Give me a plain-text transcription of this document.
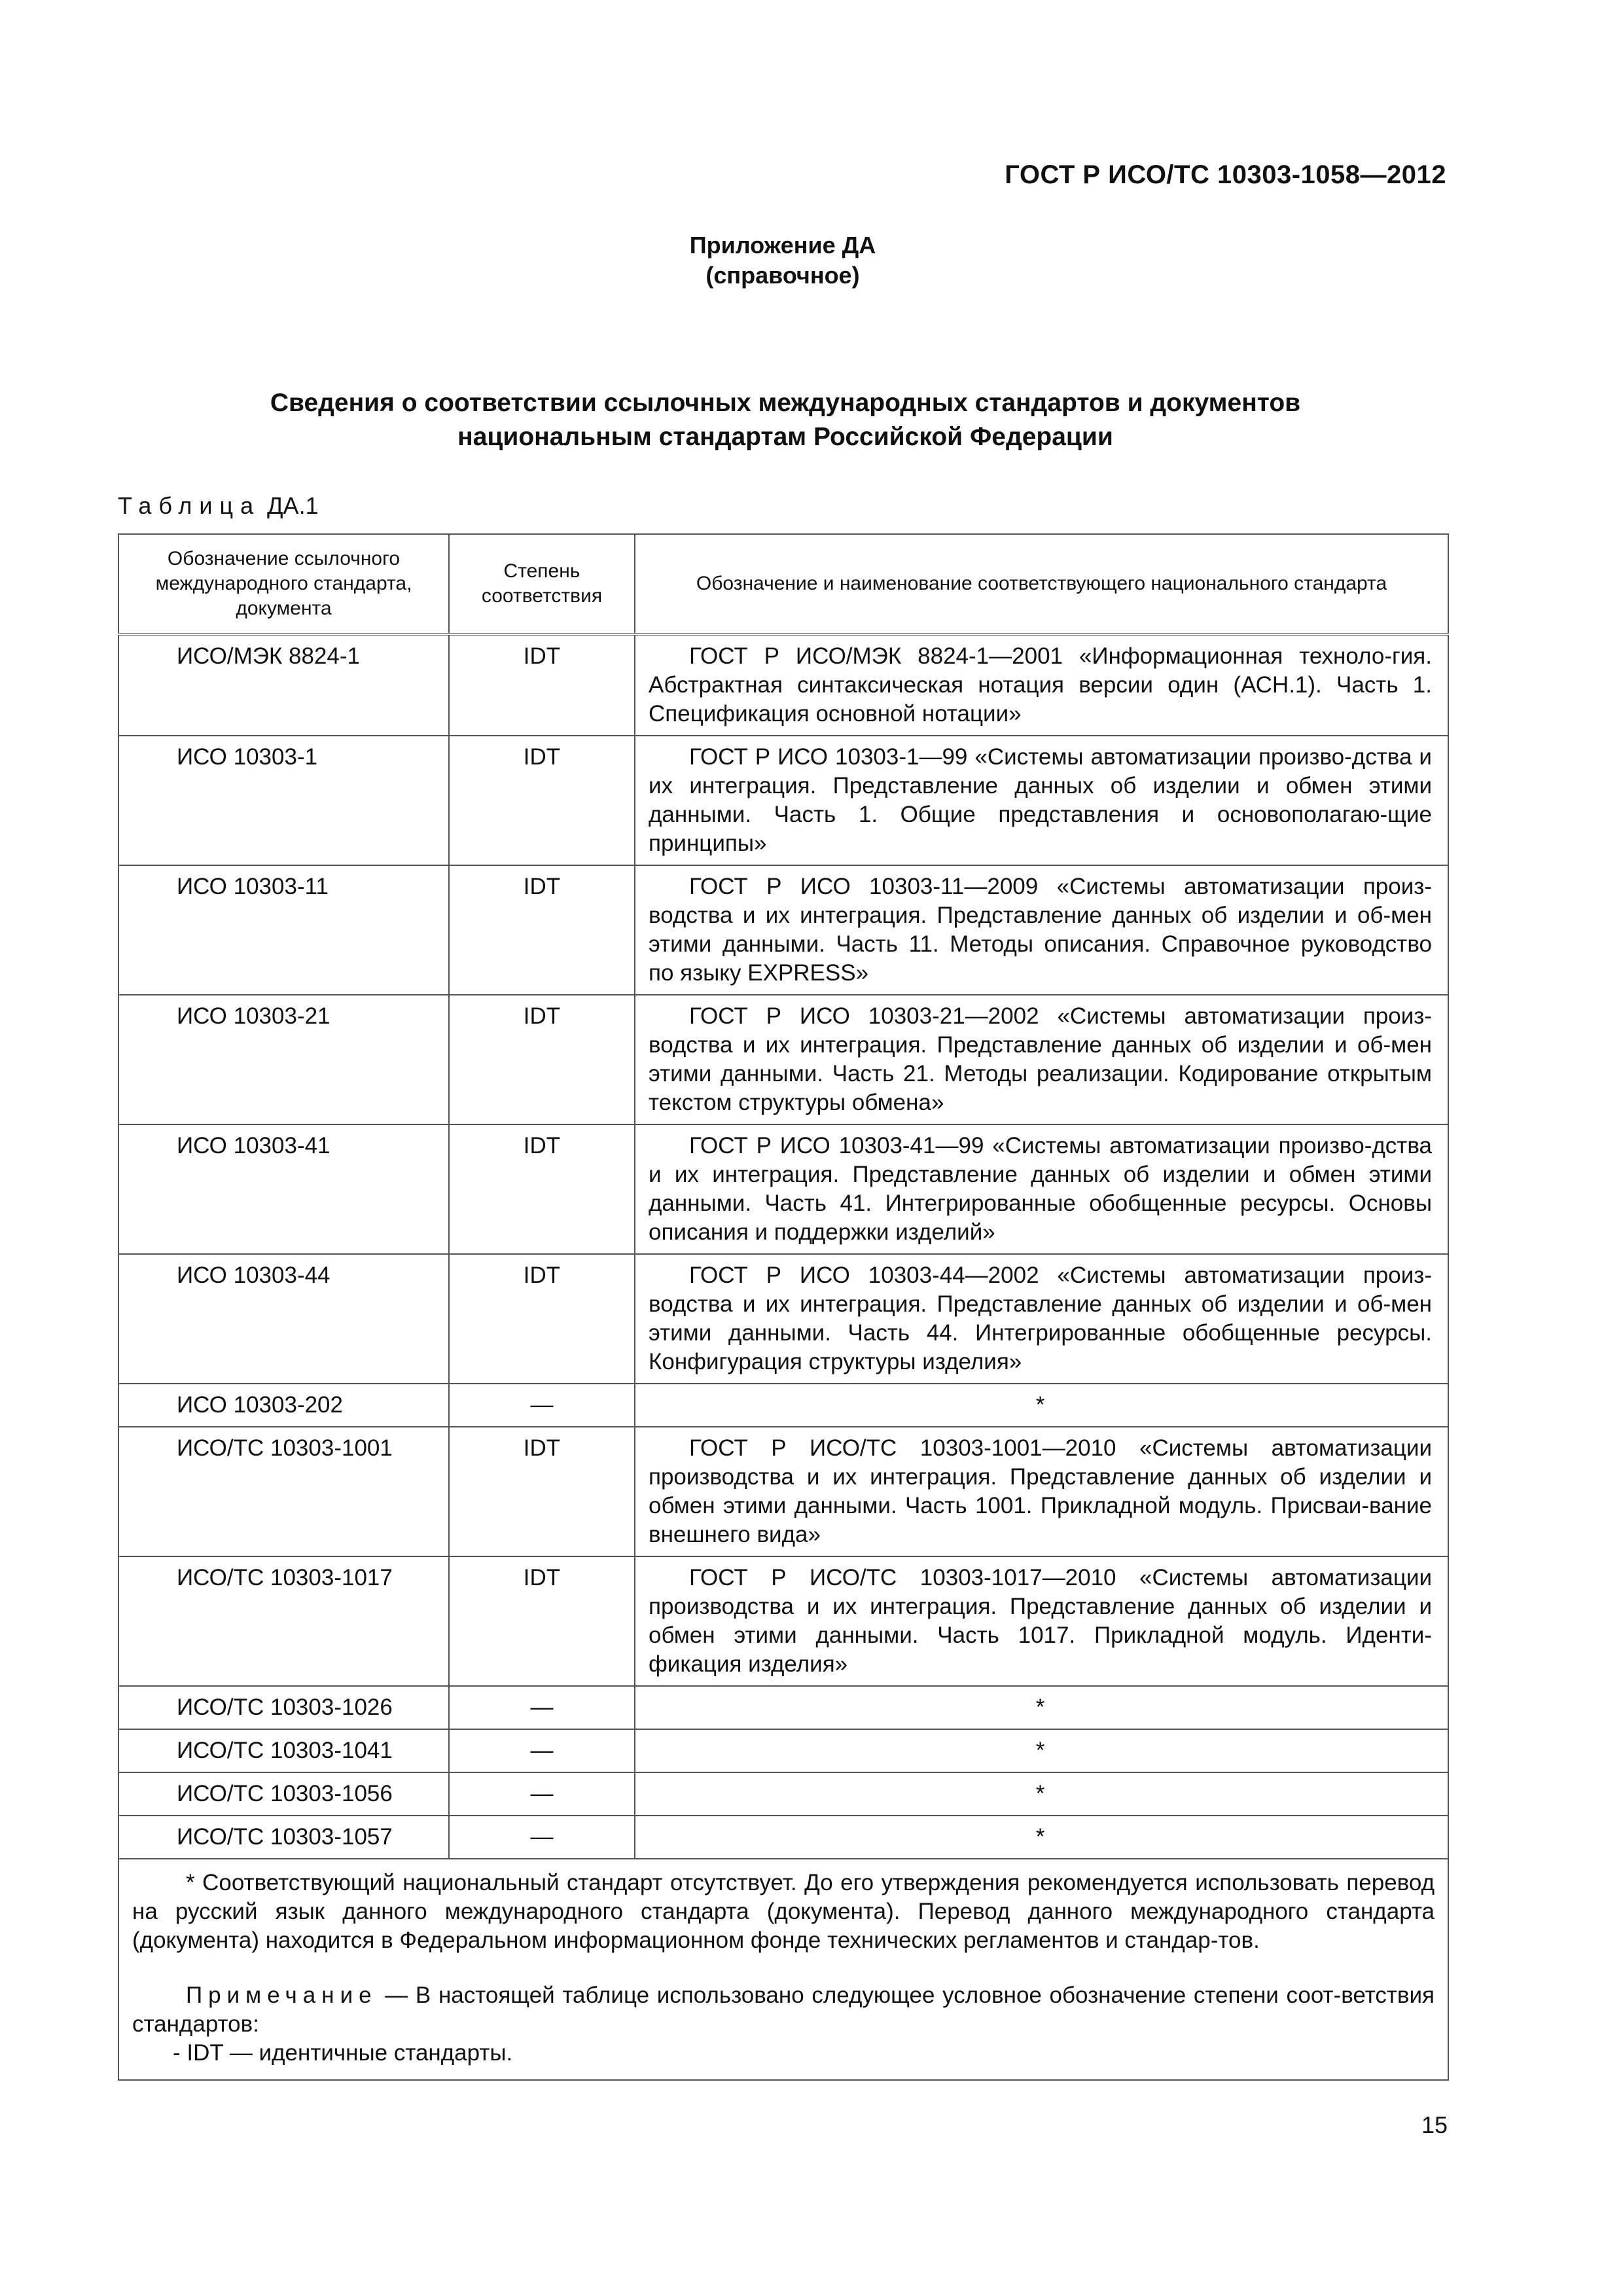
ГОСТ Р ИСО/ТС 10303-1058—2012
Приложение ДА
(справочное)
Сведения о соответствии ссылочных международных стандартов и документов
национальным стандартам Российской Федерации
Таблица ДА.1
Обозначение ссылочного международного стандарта, документа	Степень соответствия	Обозначение и наименование соответствующего национального стандарта
ИСО/МЭК 8824-1	IDT	ГОСТ Р ИСО/МЭК 8824-1—2001 «Информационная техноло-гия. Абстрактная синтаксическая нотация версии один (АСН.1). Часть 1. Спецификация основной нотации»

ИСО 10303-1	IDT	ГОСТ Р ИСО 10303-1—99 «Системы автоматизации произво-дства и их интеграция. Представление данных об изделии и обмен этими данными. Часть 1. Общие представления и основополагаю-щие принципы»

ИСО 10303-11	IDT	ГОСТ Р ИСО 10303-11—2009 «Системы автоматизации произ-водства и их интеграция. Представление данных об изделии и об-мен этими данными. Часть 11. Методы описания. Справочное руководство по языку EXPRESS»

ИСО 10303-21	IDT	ГОСТ Р ИСО 10303-21—2002 «Системы автоматизации произ-водства и их интеграция. Представление данных об изделии и об-мен этими данными. Часть 21. Методы реализации. Кодирование открытым текстом структуры обмена»

ИСО 10303-41	IDT	ГОСТ Р ИСО 10303-41—99 «Системы автоматизации произво-дства и их интеграция. Представление данных об изделии и обмен этими данными. Часть 41. Интегрированные обобщенные ресурсы. Основы описания и поддержки изделий»

ИСО 10303-44	IDT	ГОСТ Р ИСО 10303-44—2002 «Системы автоматизации произ-водства и их интеграция. Представление данных об изделии и об-мен этими данными. Часть 44. Интегрированные обобщенные ресурсы. Конфигурация структуры изделия»

ИСО 10303-202	—	*
ИСО/ТС 10303-1001	IDT	ГОСТ Р ИСО/ТС 10303-1001—2010 «Системы автоматизации производства и их интеграция. Представление данных об изделии и обмен этими данными. Часть 1001. Прикладной модуль. Присваи-вание внешнего вида»

ИСО/ТС 10303-1017	IDT	ГОСТ Р ИСО/ТС 10303-1017—2010 «Системы автоматизации производства и их интеграция. Представление данных об изделии и обмен этими данными. Часть 1017. Прикладной модуль. Иденти-фикация изделия»

ИСО/ТС 10303-1026	—	*
ИСО/ТС 10303-1041	—	*
ИСО/ТС 10303-1056	—	*
ИСО/ТС 10303-1057	—	*

* Соответствующий национальный стандарт отсутствует. До его утверждения рекомендуется использовать перевод на русский язык данного международного стандарта (документа). Перевод данного международного стандарта (документа) находится в Федеральном информационном фонде технических регламентов и стандар-тов.

Примечание — В настоящей таблице использовано следующее условное обозначение степени соот-ветствия стандартов:

- IDT — идентичные стандарты.		

15
